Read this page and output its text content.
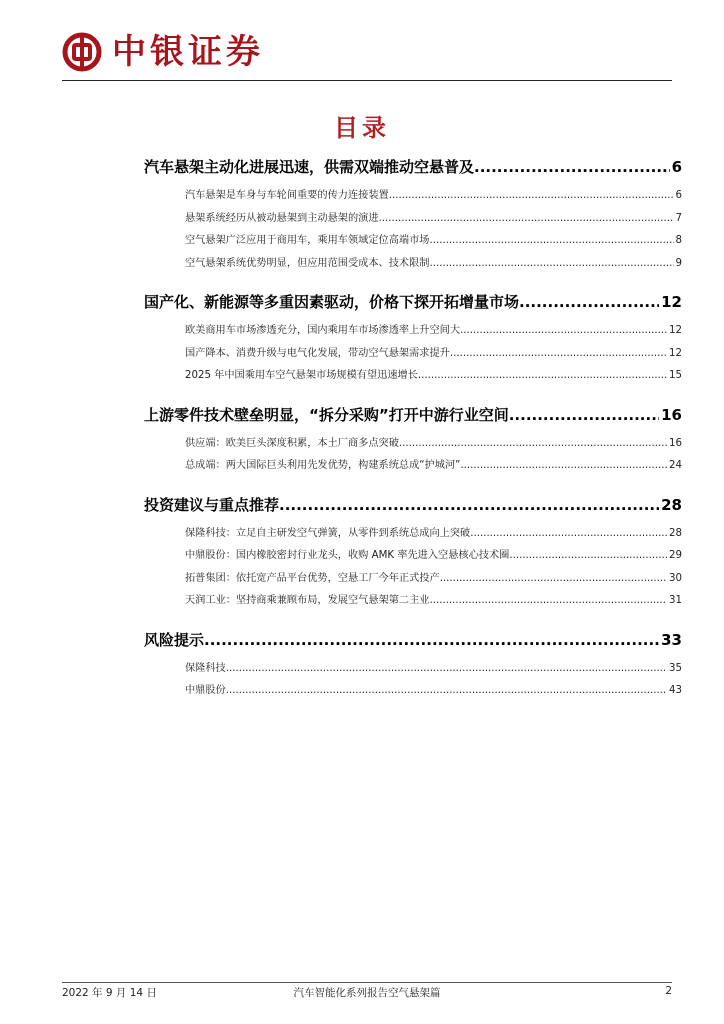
中银证券
目录
汽车悬架主动化进展迅速，供需双端推动空悬普及 .....	6
汽车悬架是车身与车轮间重要的传力连接装置 .....	6
悬架系统经历从被动悬架到主动悬架的演进 .....	7
空气悬架广泛应用于商用车，乘用车领域定位高端市场 .....	8
空气悬架系统优势明显，但应用范围受成本、技术限制 .....	9
国产化、新能源等多重因素驱动，价格下探开拓增量市场 .....	12
欧美商用车市场渗透充分，国内乘用车市场渗透率上升空间大 .....	12
国产降本、消费升级与电气化发展，带动空气悬架需求提升 .....	12
2025 年中国乘用车空气悬架市场规模有望迅速增长 .....	15
上游零件技术壁垒明显，“拆分采购”打开中游行业空间 .....	16
供应端：欧美巨头深度积累，本土厂商多点突破 .....	16
总成端：两大国际巨头利用先发优势，构建系统总成“护城河” .....	24
投资建议与重点推荐 .....	28
保隆科技：立足自主研发空气弹簧，从零件到系统总成向上突破 .....	28
中鼎股份：国内橡胶密封行业龙头，收购 AMK 率先进入空悬核心技术圈 .....	29
拓普集团：依托宽产品平台优势，空悬工厂今年正式投产 .....	30
天润工业：坚持商乘兼顾布局，发展空气悬架第二主业 .....	31
风险提示 .....	33
保隆科技 .....	35
中鼎股份 .....	43
2022 年 9 月 14 日	汽车智能化系列报告空气悬架篇	2
